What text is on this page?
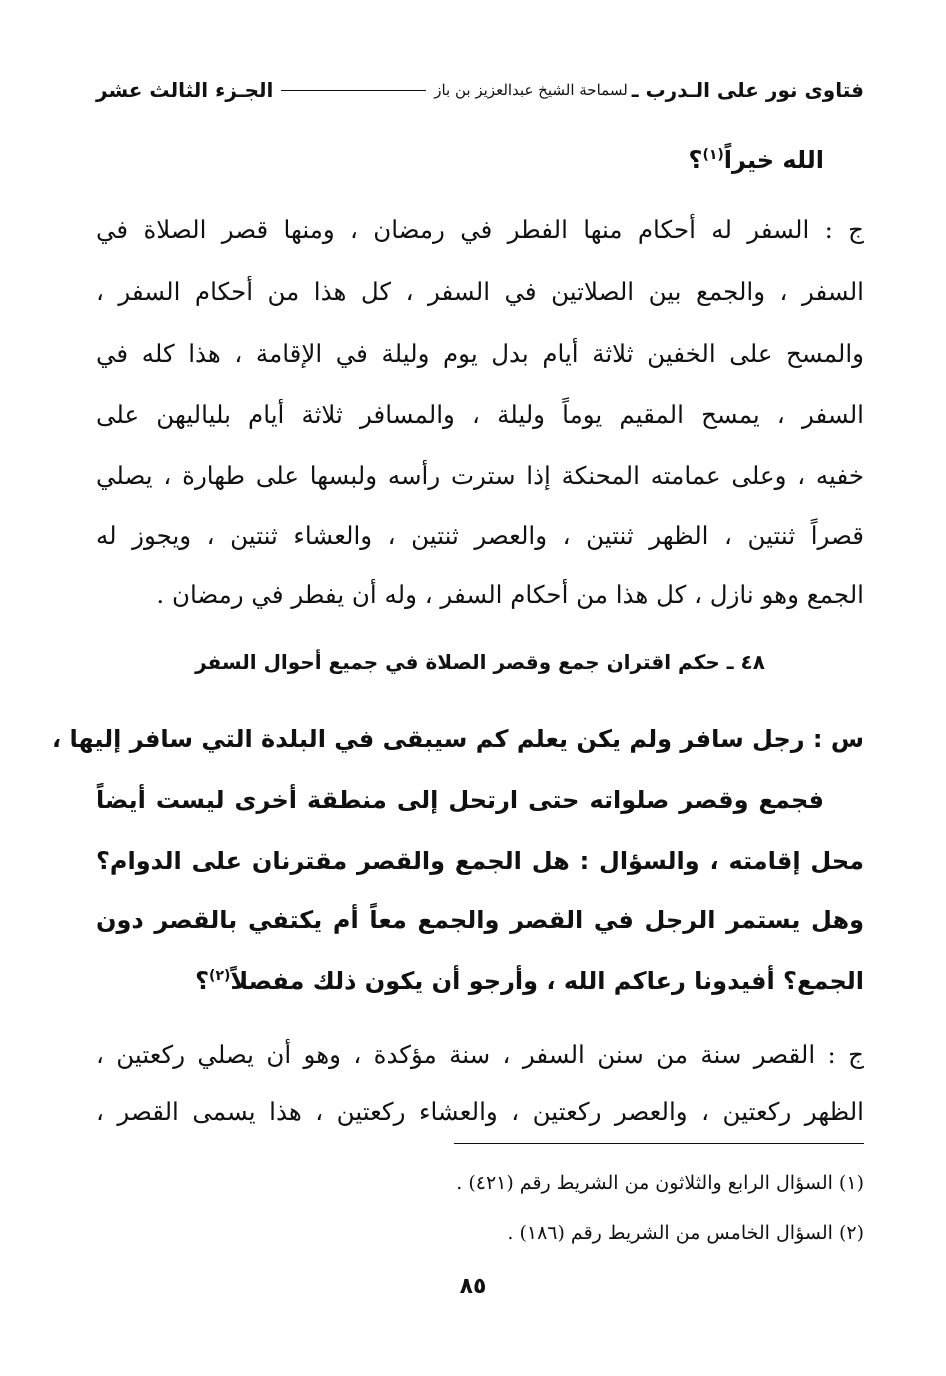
فتاوى نور على الـدرب ـ
لسماحة الشيخ عبدالعزيز بن باز
الجـزء الثالث عشر
الله خيراً$^{(١)}$؟
ج : السفر له أحكام منها الفطر في رمضان ، ومنها قصر الصلاة في
السفر ، والجمع بين الصلاتين في السفر ، كل هذا من أحكام السفر ،
والمسح على الخفين ثلاثة أيام بدل يوم وليلة في الإقامة ، هذا كله في
السفر ، يمسح المقيم يوماً وليلة ، والمسافر ثلاثة أيام بلياليهن على
خفيه ، وعلى عمامته المحنكة إذا سترت رأسه ولبسها على طهارة ، يصلي
قصراً ثنتين ، الظهر ثنتين ، والعصر ثنتين ، والعشاء ثنتين ، ويجوز له
الجمع وهو نازل ، كل هذا من أحكام السفر ، وله أن يفطر في رمضان .
٤٨ ـ حكم اقتران جمع وقصر الصلاة في جميع أحوال السفر
س : رجل سافر ولم يكن يعلم كم سيبقى في البلدة التي سافر إليها ،
فجمع وقصر صلواته حتى ارتحل إلى منطقة أخرى ليست أيضاً
محل إقامته ، والسؤال : هل الجمع والقصر مقترنان على الدوام؟
وهل يستمر الرجل في القصر والجمع معاً أم يكتفي بالقصر دون
الجمع؟ أفيدونا رعاكم الله ، وأرجو أن يكون ذلك مفصلاً$^{(٢)}$؟
ج : القصر سنة من سنن السفر ، سنة مؤكدة ، وهو أن يصلي ركعتين ،
الظهر ركعتين ، والعصر ركعتين ، والعشاء ركعتين ، هذا يسمى القصر ،
(١) السؤال الرابع والثلاثون من الشريط رقم (٤٢١) .
(٢) السؤال الخامس من الشريط رقم (١٨٦) .
٨٥
